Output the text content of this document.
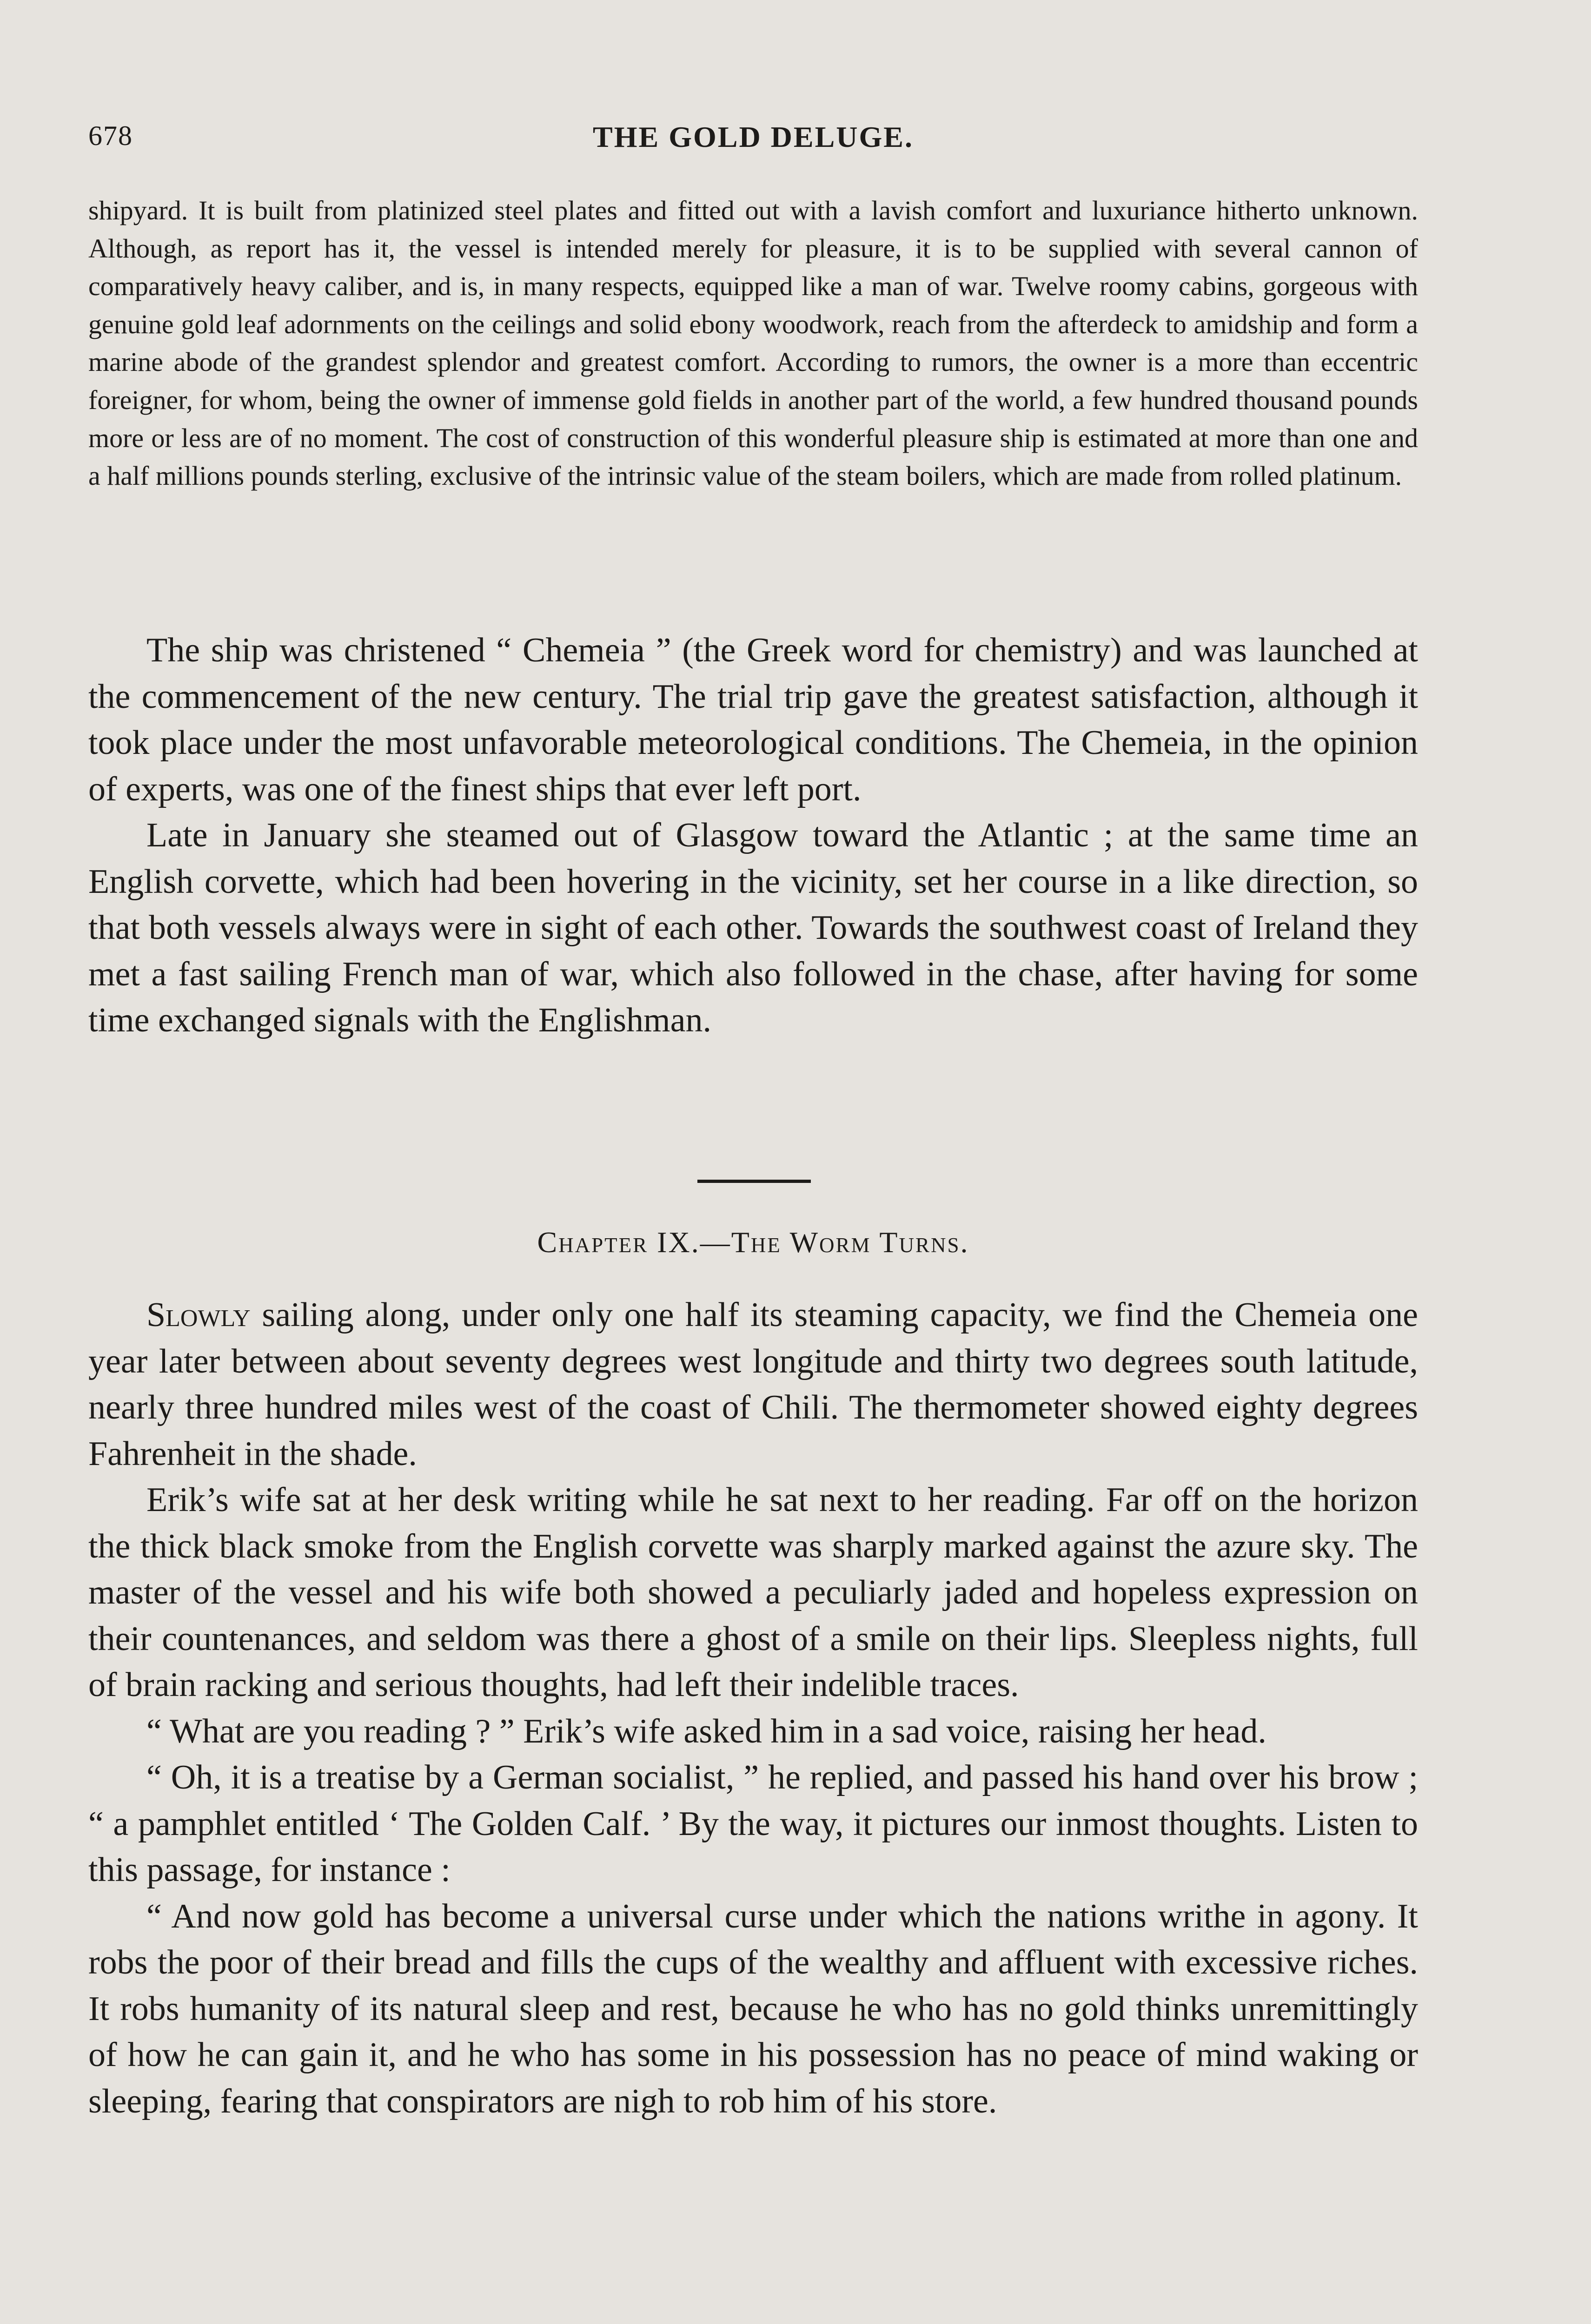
678	THE GOLD DELUGE.

shipyard. It is built from platinized steel plates and fitted out with a lavish comfort and luxuriance hitherto unknown. Although, as report has it, the vessel is intended merely for pleasure, it is to be supplied with several cannon of comparatively heavy caliber, and is, in many respects, equipped like a man of war. Twelve roomy cabins, gorgeous with genuine gold leaf adornments on the ceilings and solid ebony woodwork, reach from the afterdeck to amidship and form a marine abode of the grandest splendor and greatest comfort. According to rumors, the owner is a more than eccentric foreigner, for whom, being the owner of immense gold fields in another part of the world, a few hundred thousand pounds more or less are of no moment. The cost of construction of this wonderful pleasure ship is estimated at more than one and a half millions pounds sterling, exclusive of the intrinsic value of the steam boilers, which are made from rolled platinum.

The ship was christened “ Chemeia ” (the Greek word for chemistry) and was launched at the commencement of the new century. The trial trip gave the greatest satisfaction, although it took place under the most unfavorable meteorological conditions. The Chemeia, in the opinion of experts, was one of the finest ships that ever left port.

Late in January she steamed out of Glasgow toward the Atlantic ; at the same time an English corvette, which had been hovering in the vicinity, set her course in a like direction, so that both vessels always were in sight of each other. Towards the southwest coast of Ireland they met a fast sailing French man of war, which also followed in the chase, after having for some time exchanged signals with the Englishman.

Chapter IX.—The Worm Turns.

Slowly sailing along, under only one half its steaming capacity, we find the Chemeia one year later between about seventy degrees west longitude and thirty two degrees south latitude, nearly three hundred miles west of the coast of Chili. The thermometer showed eighty degrees Fahrenheit in the shade.

Erik’s wife sat at her desk writing while he sat next to her reading. Far off on the horizon the thick black smoke from the English corvette was sharply marked against the azure sky. The master of the vessel and his wife both showed a peculiarly jaded and hopeless expression on their countenances, and seldom was there a ghost of a smile on their lips. Sleepless nights, full of brain racking and serious thoughts, had left their indelible traces.

“ What are you reading ? ” Erik’s wife asked him in a sad voice, raising her head.

“ Oh, it is a treatise by a German socialist, ” he replied, and passed his hand over his brow ; “ a pamphlet entitled ‘ The Golden Calf. ’ By the way, it pictures our inmost thoughts. Listen to this passage, for instance :

“ And now gold has become a universal curse under which the nations writhe in agony. It robs the poor of their bread and fills the cups of the wealthy and affluent with excessive riches. It robs humanity of its natural sleep and rest, because he who has no gold thinks unremittingly of how he can gain it, and he who has some in his possession has no peace of mind waking or sleeping, fearing that conspirators are nigh to rob him of his store.
